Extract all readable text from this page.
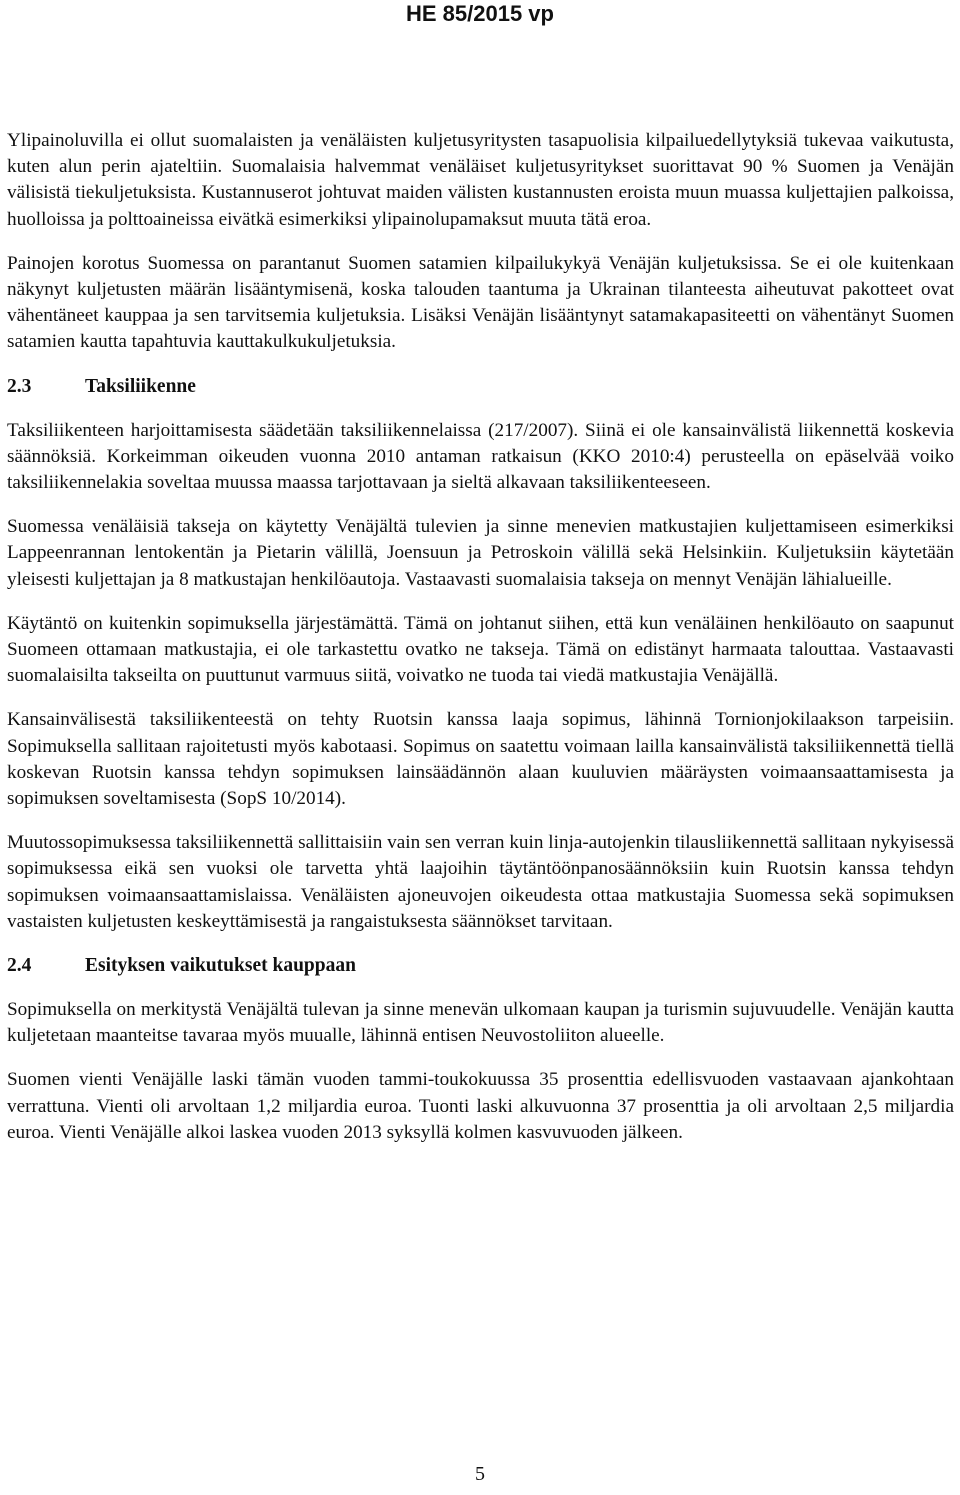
HE 85/2015 vp

Ylipainoluvilla ei ollut suomalaisten ja venäläisten kuljetusyritysten tasapuolisia kilpailuedellytyksiä tukevaa vaikutusta, kuten alun perin ajateltiin. Suomalaisia halvemmat venäläiset kuljetusyritykset suorittavat 90 % Suomen ja Venäjän välisistä tiekuljetuksista. Kustannuserot johtuvat maiden välisten kustannusten eroista muun muassa kuljettajien palkoissa, huolloissa ja polttoaineissa eivätkä esimerkiksi ylipainolupamaksut muuta tätä eroa.

Painojen korotus Suomessa on parantanut Suomen satamien kilpailukykyä Venäjän kuljetuksissa. Se ei ole kuitenkaan näkynyt kuljetusten määrän lisääntymisenä, koska talouden taantuma ja Ukrainan tilanteesta aiheutuvat pakotteet ovat vähentäneet kauppaa ja sen tarvitsemia kuljetuksia. Lisäksi Venäjän lisääntynyt satamakapasiteetti on vähentänyt Suomen satamien kautta tapahtuvia kauttakulkukuljetuksia.

2.3	Taksiliikenne

Taksiliikenteen harjoittamisesta säädetään taksiliikennelaissa (217/2007). Siinä ei ole kansainvälistä liikennettä koskevia säännöksiä. Korkeimman oikeuden vuonna 2010 antaman ratkaisun (KKO 2010:4) perusteella on epäselvää voiko taksiliikennelakia soveltaa muussa maassa tarjottavaan ja sieltä alkavaan taksiliikenteeseen.

Suomessa venäläisiä takseja on käytetty Venäjältä tulevien ja sinne menevien matkustajien kuljettamiseen esimerkiksi Lappeenrannan lentokentän ja Pietarin välillä, Joensuun ja Petroskoin välillä sekä Helsinkiin. Kuljetuksiin käytetään yleisesti kuljettajan ja 8 matkustajan henkilöautoja. Vastaavasti suomalaisia takseja on mennyt Venäjän lähialueille.

Käytäntö on kuitenkin sopimuksella järjestämättä. Tämä on johtanut siihen, että kun venäläinen henkilöauto on saapunut Suomeen ottamaan matkustajia, ei ole tarkastettu ovatko ne takseja. Tämä on edistänyt harmaata talouttaa. Vastaavasti suomalaisilta takseilta on puuttunut varmuus siitä, voivatko ne tuoda tai viedä matkustajia Venäjällä.

Kansainvälisestä taksiliikenteestä on tehty Ruotsin kanssa laaja sopimus, lähinnä Tornionjokilaakson tarpeisiin. Sopimuksella sallitaan rajoitetusti myös kabotaasi. Sopimus on saatettu voimaan lailla kansainvälistä taksiliikennettä tiellä koskevan Ruotsin kanssa tehdyn sopimuksen lainsäädännön alaan kuuluvien määräysten voimaansaattamisesta ja sopimuksen soveltamisesta (SopS 10/2014).

Muutossopimuksessa taksiliikennettä sallittaisiin vain sen verran kuin linja-autojenkin tilausliikennettä sallitaan nykyisessä sopimuksessa eikä sen vuoksi ole tarvetta yhtä laajoihin täytäntöönpanosäännöksiin kuin Ruotsin kanssa tehdyn sopimuksen voimaansaattamislaissa. Venäläisten ajoneuvojen oikeudesta ottaa matkustajia Suomessa sekä sopimuksen vastaisten kuljetusten keskeyttämisestä ja rangaistuksesta säännökset tarvitaan.

2.4	Esityksen vaikutukset kauppaan

Sopimuksella on merkitystä Venäjältä tulevan ja sinne menevän ulkomaan kaupan ja turismin sujuvuudelle. Venäjän kautta kuljetetaan maanteitse tavaraa myös muualle, lähinnä entisen Neuvostoliiton alueelle.

Suomen vienti Venäjälle laski tämän vuoden tammi-toukokuussa 35 prosenttia edellisvuoden vastaavaan ajankohtaan verrattuna. Vienti oli arvoltaan 1,2 miljardia euroa. Tuonti laski alkuvuonna 37 prosenttia ja oli arvoltaan 2,5 miljardia euroa. Vienti Venäjälle alkoi laskea vuoden 2013 syksyllä kolmen kasvuvuoden jälkeen.

5
